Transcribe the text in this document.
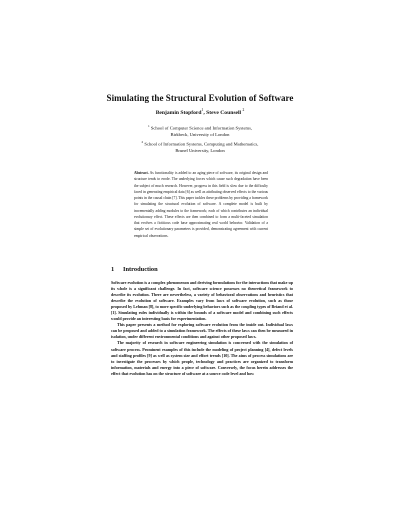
Simulating the Structural Evolution of Software
Benjamin Stopford$^1$, Steve Counsell $^2$
$^1$ School of Computer Science and Information Systems,
Birkbeck, University of London
$^2$ School of Information Systems, Computing and Mathematics,
Brunel University, London
Abstract. As functionality is added to an aging piece of software, its original design and structure tends to erode. The underlying forces which cause such degradation have been the subject of much research. However, progress in this field is slow due to the difficulty faced in generating empirical data [6] as well as attributing observed effects to the various points in the causal chain [7]. This paper tackles these problems by providing a framework for simulating the structural evolution of software. A complete model is built by incrementally adding modules to the framework; each of which contributes an individual evolutionary effect. These effects are then combined to form a multi-faceted simulation that evolves a fictitious code base approximating real world behavior. Validation of a simple set of evolutionary parameters is provided, demonstrating agreement with current empirical observations.
1 Introduction

Software evolution is a complex phenomenon and deriving formulations for the interactions that make up its whole is a significant challenge. In fact, software science possesses no theoretical framework to describe its evolution. There are nevertheless, a variety of behavioral observations and heuristics that describe the evolution of software. Examples vary from laws of software evolution, such as those proposed by Lehman [8], to more specific underlying behaviors such as the coupling types of Briand et al. [1]. Simulating rules individually is within the bounds of a software model and combining such effects would provide an interesting basis for experimentation.

This paper presents a method for exploring software evolution from the inside out. Individual laws can be proposed and added to a simulation framework. The effects of these laws can then be measured in isolation, under different environmental conditions and against other proposed laws.

The majority of research in software engineering simulation is concerned with the simulation of software process. Prominent examples of this include the modeling of project planning [4], defect levels and staffing profiles [9] as well as system size and effort trends [10]. The aims of process simulations are to investigate the processes by which people, technology and practices are organized to transform information, materials and energy into a piece of software. Conversely, the focus herein addresses the effect that evolution has on the structure of software at a source code level and how
